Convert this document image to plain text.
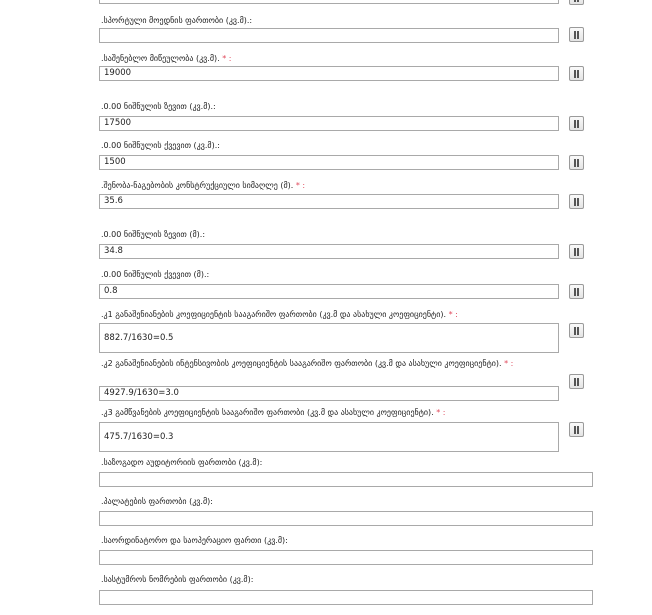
.სპორტული მოედნის ფართობი (კვ.მ).:
.საშენებლო მიწეულობა (კვ.მ). * :
19000
.0.00 ნიშნულის ზევით (კვ.მ).:
17500
.0.00 ნიშნულის ქვევით (კვ.მ).:
1500
.შენობა-ნაგებობის კონსტრუქციული სიმაღლე (მ). * :
35.6
.0.00 ნიშნულის ზევით (მ).:
34.8
.0.00 ნიშნულის ქვევით (მ).:
0.8
.კ1 განაშენიანების კოეფიციენტის სააგარიშო ფართობი (კვ.მ და ასახული კოეფიციენტი). * :
882.7/1630=0.5
.კ2 განაშენიანების ინტენსივობის კოეფიციენტის სააგარიშო ფართობი (კვ.მ და ასახული კოეფიციენტი). * :
4927.9/1630=3.0
.კ3 გამწვანების კოეფიციენტის სააგარიშო ფართობი (კვ.მ და ასახული კოეფიციენტი). * :
475.7/1630=0.3
.საზოგადო აუდიტორიის ფართობი (კვ.მ):
.პალატების ფართობი (კვ.მ):
.საორდინატორო და საოპერაციო ფართი (კვ.მ):
.სასტუმროს ნომრების ფართობი (კვ.მ):
